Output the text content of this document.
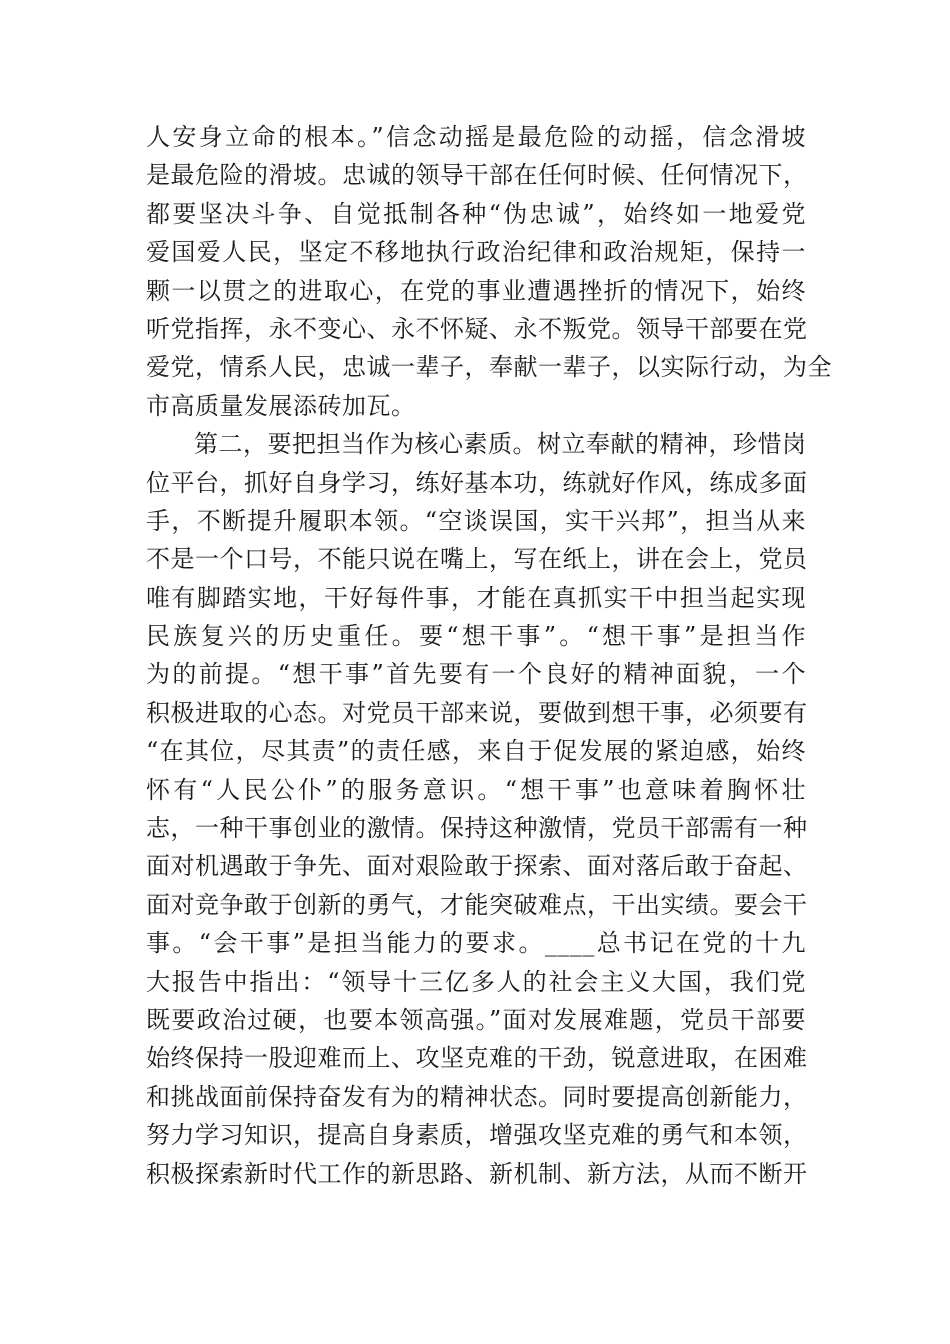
人安身立命的根本。”信念动摇是最危险的动摇，信念滑坡
是最危险的滑坡。忠诚的领导干部在任何时候、任何情况下，
都要坚决斗争、自觉抵制各种“伪忠诚”，始终如一地爱党
爱国爱人民，坚定不移地执行政治纪律和政治规矩，保持一
颗一以贯之的进取心，在党的事业遭遇挫折的情况下，始终
听党指挥，永不变心、永不怀疑、永不叛党。领导干部要在党
爱党，情系人民，忠诚一辈子，奉献一辈子，以实际行动，为全
市高质量发展添砖加瓦。
第二，要把担当作为核心素质。树立奉献的精神，珍惜岗
位平台，抓好自身学习，练好基本功，练就好作风，练成多面
手，不断提升履职本领。“空谈误国，实干兴邦”，担当从来
不是一个口号，不能只说在嘴上，写在纸上，讲在会上，党员
唯有脚踏实地，干好每件事，才能在真抓实干中担当起实现
民族复兴的历史重任。要“想干事”。“想干事”是担当作
为的前提。“想干事”首先要有一个良好的精神面貌，一个
积极进取的心态。对党员干部来说，要做到想干事，必须要有
“在其位，尽其责”的责任感，来自于促发展的紧迫感，始终
怀有“人民公仆”的服务意识。“想干事”也意味着胸怀壮
志，一种干事创业的激情。保持这种激情，党员干部需有一种
面对机遇敢于争先、面对艰险敢于探索、面对落后敢于奋起、
面对竞争敢于创新的勇气，才能突破难点，干出实绩。要会干
事。“会干事”是担当能力的要求。____总书记在党的十九
大报告中指出：“领导十三亿多人的社会主义大国，我们党
既要政治过硬，也要本领高强。”面对发展难题，党员干部要
始终保持一股迎难而上、攻坚克难的干劲，锐意进取，在困难
和挑战面前保持奋发有为的精神状态。同时要提高创新能力，
努力学习知识，提高自身素质，增强攻坚克难的勇气和本领，
积极探索新时代工作的新思路、新机制、新方法，从而不断开
